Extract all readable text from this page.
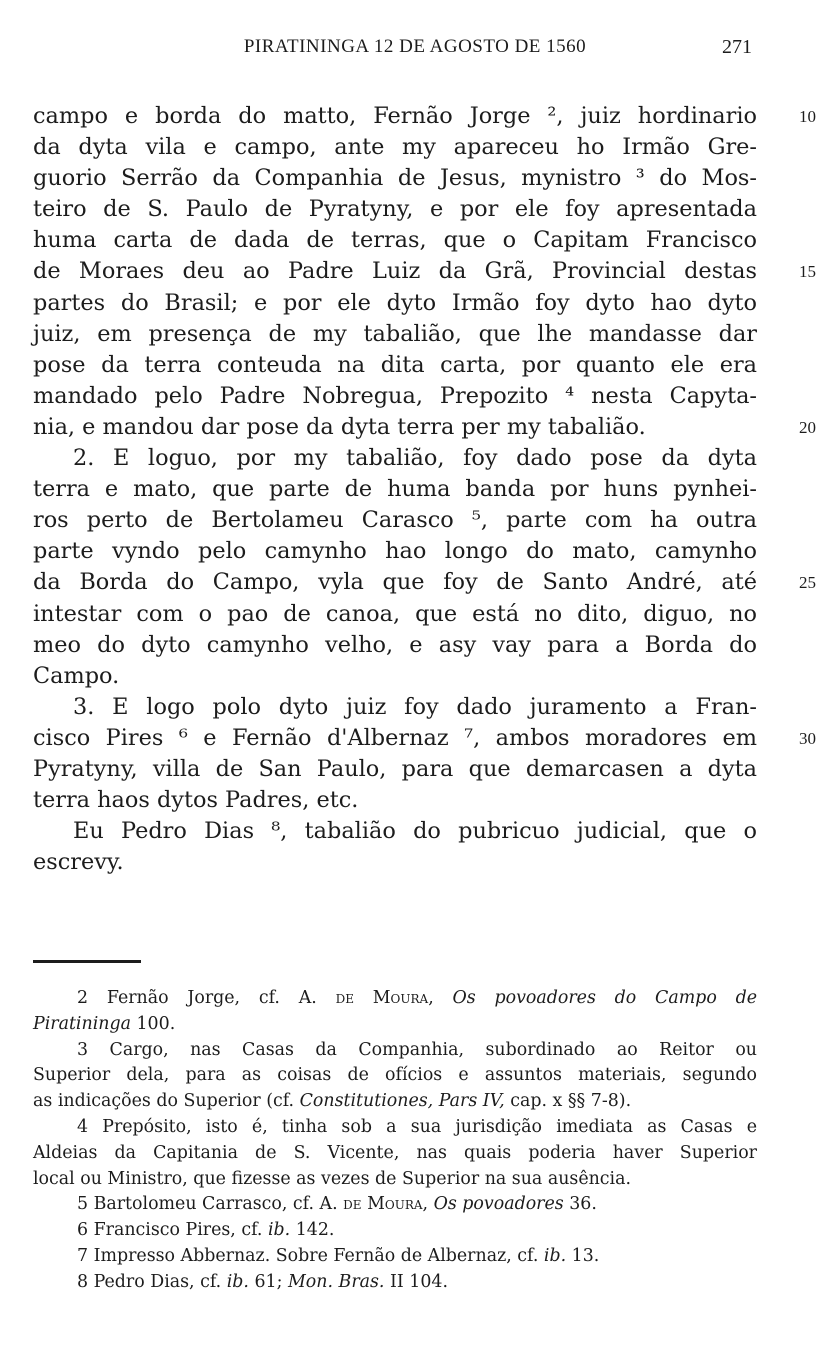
PIRATININGA 12 DE AGOSTO DE 1560	271
campo e borda do matto, Fernão Jorge ², juiz hordinario 10
da dyta vila e campo, ante my apareceu ho Irmão Gre-
guorio Serrão da Companhia de Jesus, mynistro ³ do Mos-
teiro de S. Paulo de Pyratyny, e por ele foy apresentada
huma carta de dada de terras, que o Capitam Francisco
de Moraes deu ao Padre Luiz da Grã, Provincial destas 15
partes do Brasil; e por ele dyto Irmão foy dyto hao dyto
juiz, em presença de my tabalião, que lhe mandasse dar
pose da terra conteuda na dita carta, por quanto ele era
mandado pelo Padre Nobregua, Prepozito ⁴ nesta Capyta-
nia, e mandou dar pose da dyta terra per my tabalião.	20
2. E loguo, por my tabalião, foy dado pose da dyta
terra e mato, que parte de huma banda por huns pynhei-
ros perto de Bertolameu Carasco ⁵, parte com ha outra
parte vyndo pelo camynho hao longo do mato, camynho
da Borda do Campo, vyla que foy de Santo André, até 25
intestar com o pao de canoa, que está no dito, diguo, no
meo do dyto camynho velho, e asy vay para a Borda do
Campo.
3. E logo polo dyto juiz foy dado juramento a Fran-
cisco Pires ⁶ e Fernão d'Albernaz ⁷, ambos moradores em 30
Pyratyny, villa de San Paulo, para que demarcasen a dyta
terra haos dytos Padres, etc.
Eu Pedro Dias ⁸, tabalião do pubricuo judicial, que o
escrevy.
2 Fernão Jorge, cf. A. de Moura, Os povoadores do Campo de
Piratininga 100.
3 Cargo, nas Casas da Companhia, subordinado ao Reitor ou
Superior dela, para as coisas de ofícios e assuntos materiais, segundo
as indicações do Superior (cf. Constitutiones, Pars IV, cap. x §§ 7-8).
4 Prepósito, isto é, tinha sob a sua jurisdição imediata as Casas e
Aldeias da Capitania de S. Vicente, nas quais poderia haver Superior
local ou Ministro, que fizesse as vezes de Superior na sua ausência.
5 Bartolomeu Carrasco, cf. A. de Moura, Os povoadores 36.
6 Francisco Pires, cf. ib. 142.
7 Impresso Abbernaz. Sobre Fernão de Albernaz, cf. ib. 13.
8 Pedro Dias, cf. ib. 61; Mon. Bras. II 104.
